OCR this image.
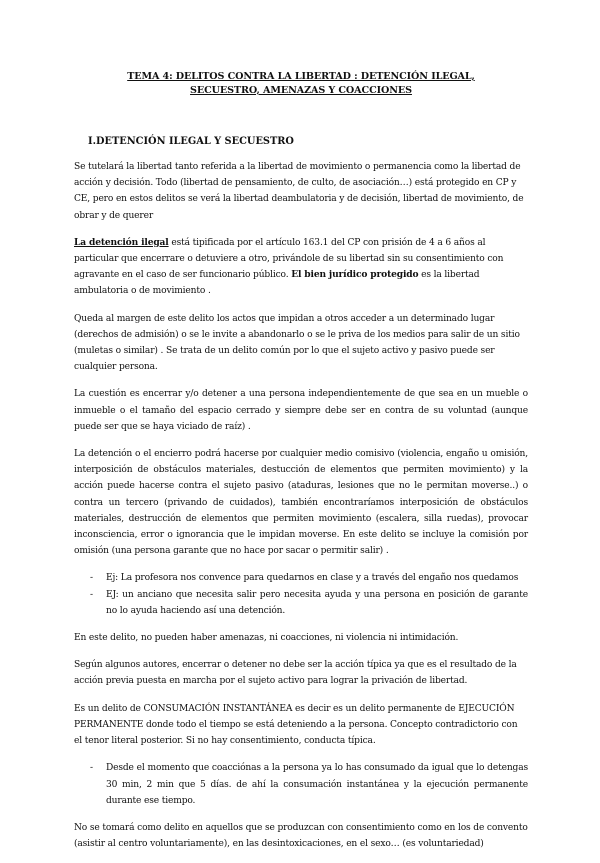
TEMA 4: DELITOS CONTRA LA LIBERTAD : DETENCIÓN ILEGAL,
SECUESTRO, AMENAZAS Y COACCIONES
I.DETENCIÓN ILEGAL Y SECUESTRO

Se tutelará la libertad tanto referida a la libertad de movimiento o permanencia como la libertad de acción y decisión. Todo (libertad de pensamiento, de culto, de asociación…) está protegido en CP y CE, pero en estos delitos se verá la libertad deambulatoria y de decisión, libertad de movimiento, de obrar y de querer

La detención ilegal está tipificada por el artículo 163.1 del CP con prisión de 4 a 6 años al particular que encerrare o detuviere a otro, privándole de su libertad sin su consentimiento con agravante en el caso de ser funcionario público. El bien jurídico protegido es la libertad ambulatoria o de movimiento .

Queda al margen de este delito los actos que impidan a otros acceder a un determinado lugar (derechos de admisión) o se le invite a abandonarlo o se le priva de los medios para salir de un sitio (muletas o similar) . Se trata de un delito común por lo que el sujeto activo y pasivo puede ser cualquier persona.

La cuestión es encerrar y/o detener a una persona independientemente de que sea en un mueble o inmueble o el tamaño del espacio cerrado y siempre debe ser en contra de su voluntad (aunque puede ser que se haya viciado de raíz) .

La detención o el encierro podrá hacerse por cualquier medio comisivo (violencia, engaño u omisión, interposición de obstáculos materiales, destucción de elementos que permiten movimiento) y la acción puede hacerse contra el sujeto pasivo (ataduras, lesiones que no le permitan moverse..) o contra un tercero (privando de cuidados), también encontraríamos interposición de obstáculos materiales, destrucción de elementos que permiten movimiento (escalera, silla ruedas), provocar inconsciencia, error o ignorancia que le impidan moverse. En este delito se incluye la comisión por omisión (una persona garante que no hace por sacar o permitir salir) .

- Ej: La profesora nos convence para quedarnos en clase y a través del engaño nos quedamos
- EJ: un anciano que necesita salir pero necesita ayuda y una persona en posición de garante no lo ayuda haciendo así una detención.

En este delito, no pueden haber amenazas, ni coacciones, ni violencia ni intimidación.

Según algunos autores, encerrar o detener no debe ser la acción típica ya que es el resultado de la acción previa puesta en marcha por el sujeto activo para lograr la privación de libertad.

Es un delito de CONSUMACIÓN INSTANTÁNEA es decir es un delito permanente de EJECUCIÓN PERMANENTE donde todo el tiempo se está deteniendo a la persona. Concepto contradictorio con el tenor literal posterior. Si no hay consentimiento, conducta típica.

- Desde el momento que coacciónas a la persona ya lo has consumado da igual que lo detengas 30 min, 2 min que 5 días. de ahí la consumación instantánea y la ejecución permanente durante ese tiempo.

No se tomará como delito en aquellos que se produzcan con consentimiento como en los de convento (asistir al centro voluntariamente), en las desintoxicaciones, en el sexo… (es voluntariedad)
